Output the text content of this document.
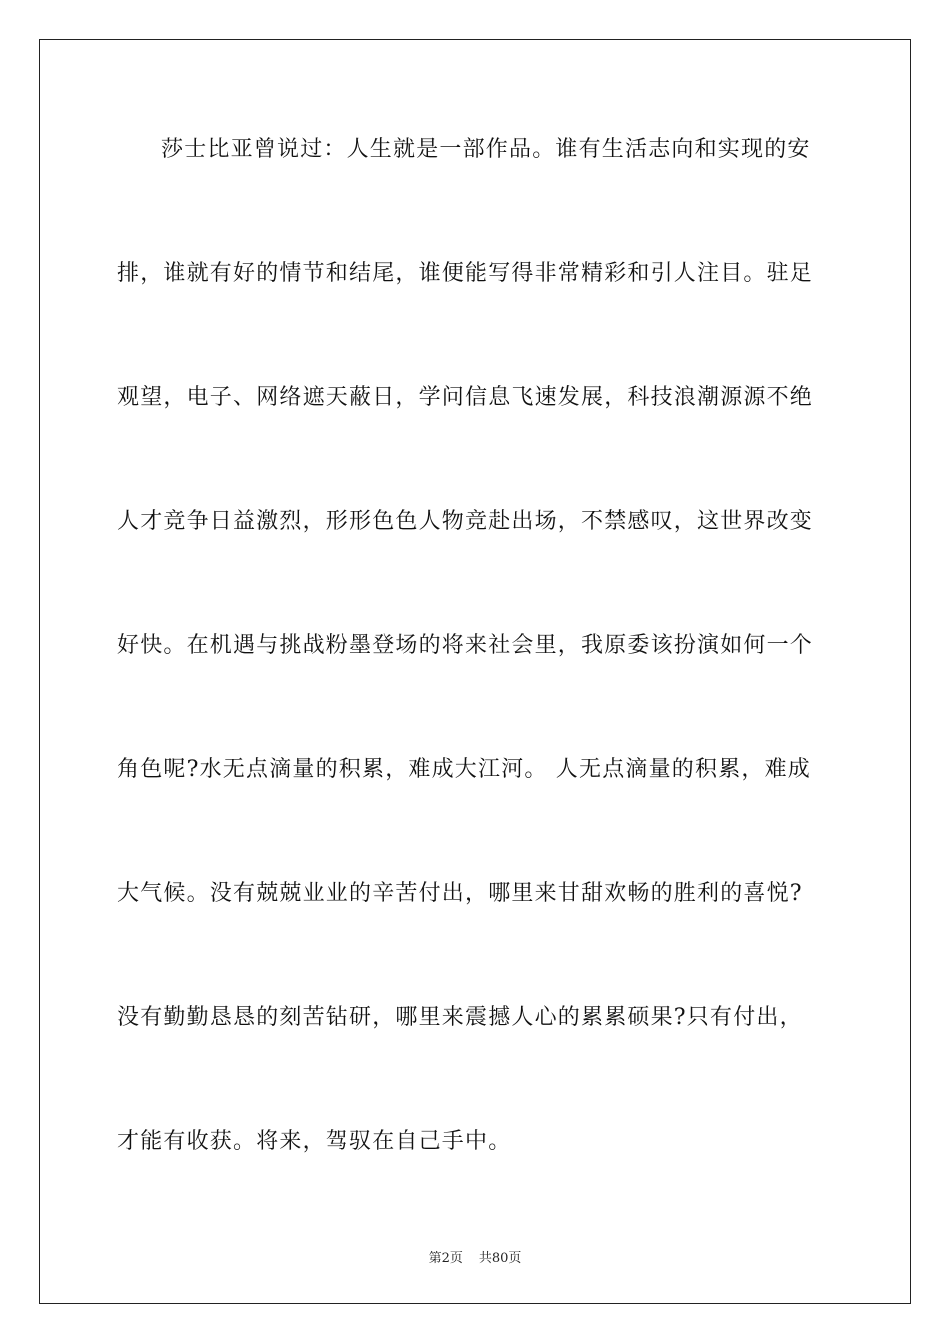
莎士比亚曾说过：人生就是一部作品。谁有生活志向和实现的安
排，谁就有好的情节和结尾，谁便能写得非常精彩和引人注目。驻足
观望，电子、网络遮天蔽日，学问信息飞速发展，科技浪潮源源不绝
人才竞争日益激烈，形形色色人物竞赴出场，不禁感叹，这世界改变
好快。在机遇与挑战粉墨登场的将来社会里，我原委该扮演如何一个
角色呢?水无点滴量的积累，难成大江河。 人无点滴量的积累，难成
大气候。没有兢兢业业的辛苦付出，哪里来甘甜欢畅的胜利的喜悦?
没有勤勤恳恳的刻苦钻研，哪里来震撼人心的累累硕果?只有付出，
才能有收获。将来，驾驭在自己手中。
第2页 共80页
